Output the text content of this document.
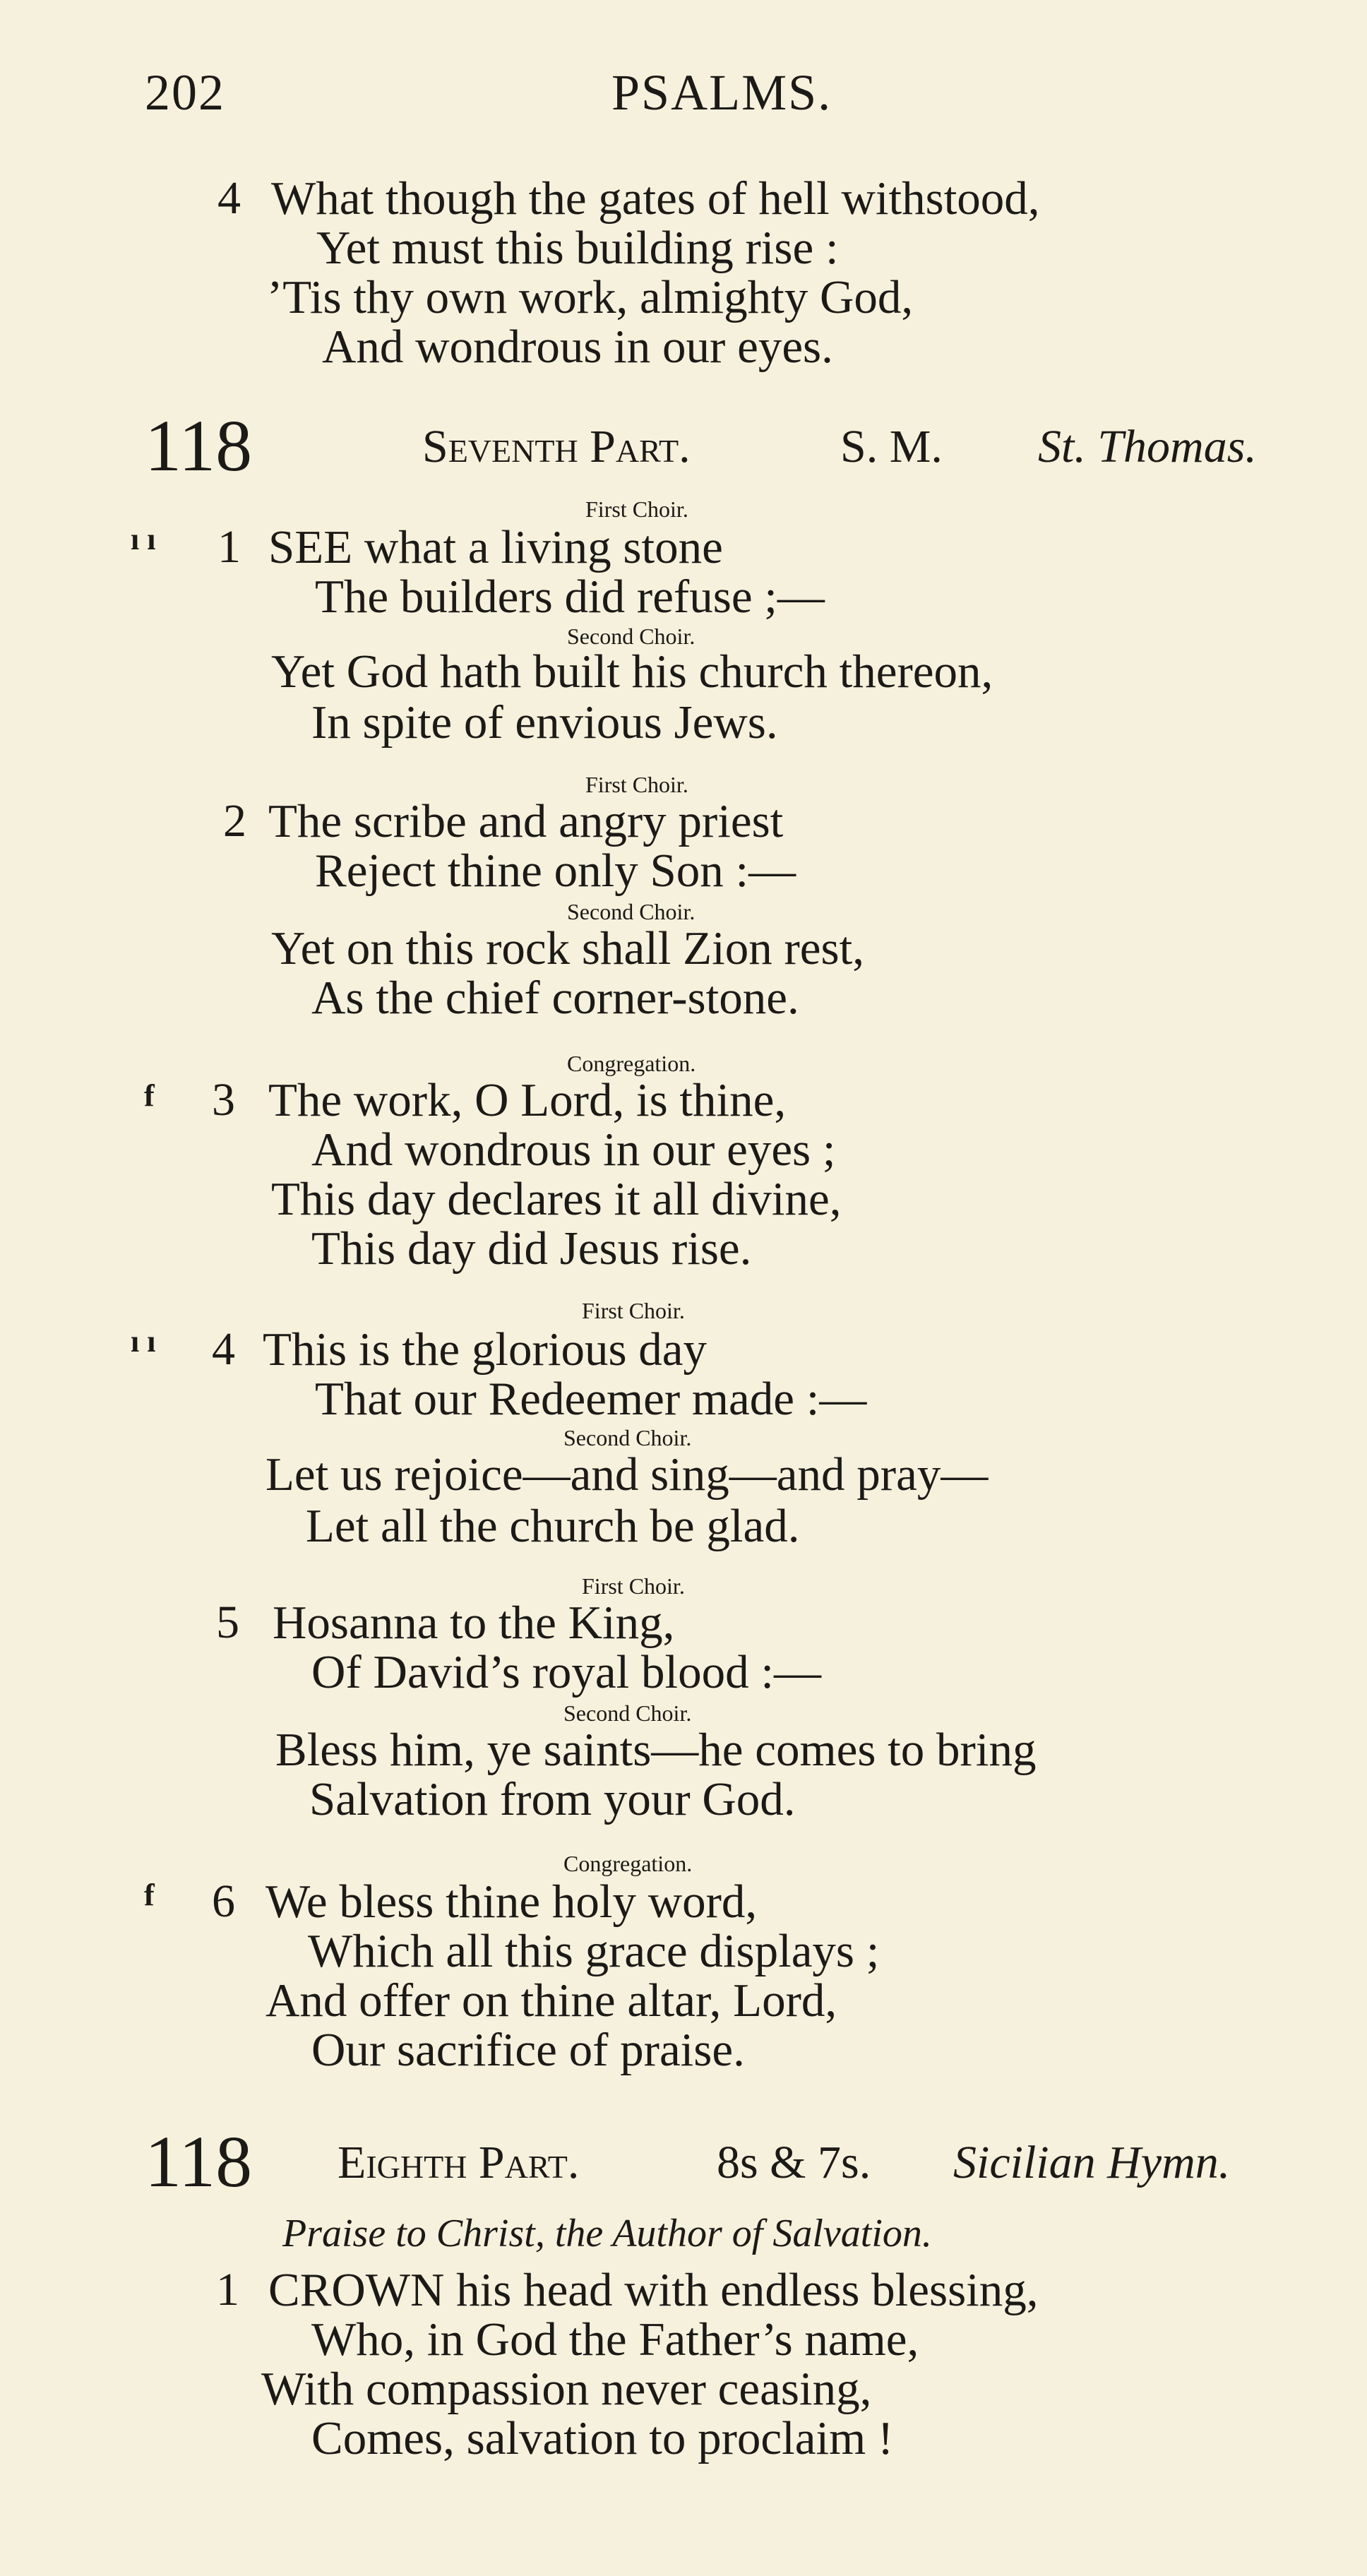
202	PSALMS.
4 What though the gates of hell withstood,
Yet must this building rise :
’Tis thy own work, almighty God,
And wondrous in our eyes.
118	Seventh Part.	S. M. St. Thomas.
First Choir.
ı ı 1 SEE what a living stone
The builders did refuse ;—
Second Choir.
Yet God hath built his church thereon,
In spite of envious Jews.
First Choir.
2 The scribe and angry priest
Reject thine only Son :—
Second Choir.
Yet on this rock shall Zion rest,
As the chief corner-stone.
Congregation.
f 3 The work, O Lord, is thine,
And wondrous in our eyes ;
This day declares it all divine,
This day did Jesus rise.
First Choir.
ı ı 4 This is the glorious day
That our Redeemer made :—
Second Choir.
Let us rejoice—and sing—and pray—
Let all the church be glad.
First Choir.
5 Hosanna to the King,
Of David’s royal blood :—
Second Choir.
Bless him, ye saints—he comes to bring
Salvation from your God.
Congregation.
f 6 We bless thine holy word,
Which all this grace displays ;
And offer on thine altar, Lord,
Our sacrifice of praise.
118 Eighth Part.	8s & 7s. Sicilian Hymn.
Praise to Christ, the Author of Salvation.
1 CROWN his head with endless blessing,
Who, in God the Father’s name,
With compassion never ceasing,
Comes, salvation to proclaim !
